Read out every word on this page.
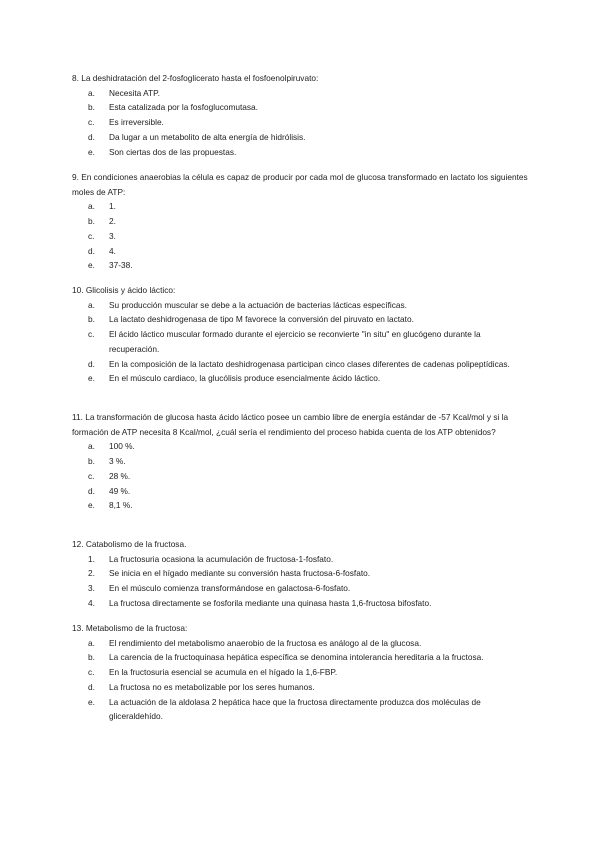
8. La deshidratación del 2-fosfoglicerato hasta el fosfoenolpiruvato:

a. Necesita ATP.
b. Esta catalizada por la fosfoglucomutasa.
c. Es irreversible.
d. Da lugar a un metabolito de alta energía de hidrólisis.
e. Son ciertas dos de las propuestas.

9. En condiciones anaerobias la célula es capaz de producir por cada mol de glucosa transformado en lactato los siguientes moles de ATP:

a. 1.
b. 2.
c. 3.
d. 4.
e. 37-38.

10. Glicolisis y ácido láctico:

a. Su producción muscular se debe a la actuación de bacterias lácticas específicas.
b. La lactato deshidrogenasa de tipo M favorece la conversión del piruvato en lactato.
c. El ácido láctico muscular formado durante el ejercicio se reconvierte "in situ" en glucógeno durante la recuperación.
d. En la composición de la lactato deshidrogenasa participan cinco clases diferentes de cadenas polipeptídicas.
e. En el músculo cardiaco, la glucólisis produce esencialmente ácido láctico.

11. La transformación de glucosa hasta ácido láctico posee un cambio libre de energía estándar de -57 Kcal/mol y si la formación de ATP necesita 8 Kcal/mol, ¿cuál sería el rendimiento del proceso habida cuenta de los ATP obtenidos?

a. 100 %.
b. 3 %.
c. 28 %.
d. 49 %.
e. 8,1 %.

12. Catabolismo de la fructosa.

1. La fructosuria ocasiona la acumulación de fructosa-1-fosfato.
2. Se inicia en el hígado mediante su conversión hasta fructosa-6-fosfato.
3. En el músculo comienza transformándose en galactosa-6-fosfato.
4. La fructosa directamente se fosforila mediante una quinasa hasta 1,6-fructosa bifosfato.

13. Metabolismo de la fructosa:

a. El rendimiento del metabolismo anaerobio de la fructosa es análogo al de la glucosa.
b. La carencia de la fructoquinasa hepática específica se denomina intolerancia hereditaria a la fructosa.
c. En la fructosuria esencial se acumula en el hígado la 1,6-FBP.
d. La fructosa no es metabolizable por los seres humanos.
e. La actuación de la aldolasa 2 hepática hace que la fructosa directamente produzca dos moléculas de gliceraldehído.
